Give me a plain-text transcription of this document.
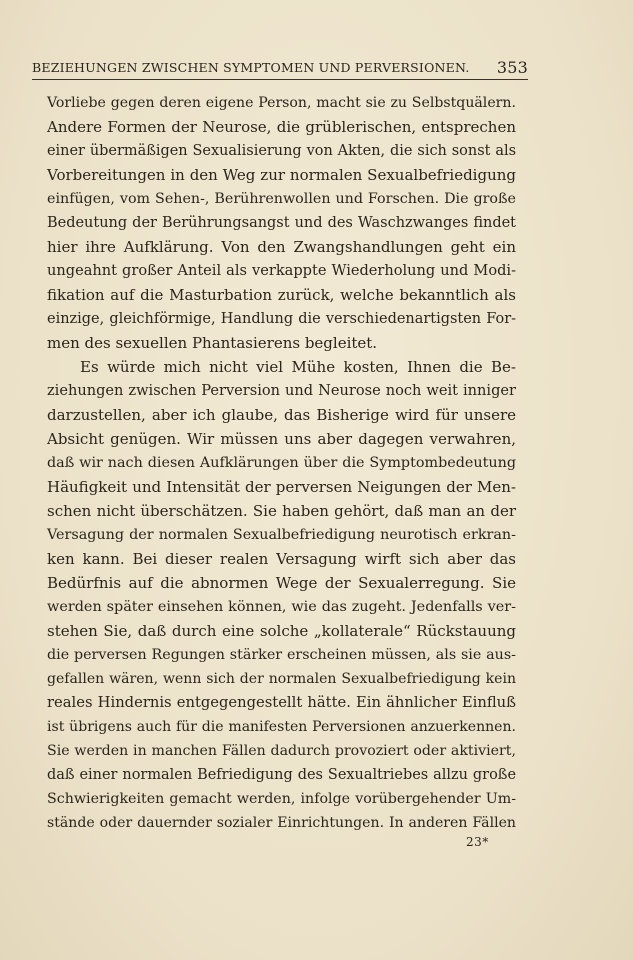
BEZIEHUNGEN ZWISCHEN SYMPTOMEN UND PERVERSIONEN. 353
Vorliebe gegen deren eigene Person, macht sie zu Selbstquälern.
Andere Formen der Neurose, die grüblerischen, entsprechen
einer übermäßigen Sexualisierung von Akten, die sich sonst als
Vorbereitungen in den Weg zur normalen Sexualbefriedigung
einfügen, vom Sehen-, Berührenwollen und Forschen. Die große
Bedeutung der Berührungsangst und des Waschzwanges findet
hier ihre Aufklärung. Von den Zwangshandlungen geht ein
ungeahnt großer Anteil als verkappte Wiederholung und Modi-
fikation auf die Masturbation zurück, welche bekanntlich als
einzige, gleichförmige, Handlung die verschiedenartigsten For-
men des sexuellen Phantasierens begleitet.
Es würde mich nicht viel Mühe kosten, Ihnen die Be-
ziehungen zwischen Perversion und Neurose noch weit inniger
darzustellen, aber ich glaube, das Bisherige wird für unsere
Absicht genügen. Wir müssen uns aber dagegen verwahren,
daß wir nach diesen Aufklärungen über die Symptombedeutung
Häufigkeit und Intensität der perversen Neigungen der Men-
schen nicht überschätzen. Sie haben gehört, daß man an der
Versagung der normalen Sexualbefriedigung neurotisch erkran-
ken kann. Bei dieser realen Versagung wirft sich aber das
Bedürfnis auf die abnormen Wege der Sexualerregung. Sie
werden später einsehen können, wie das zugeht. Jedenfalls ver-
stehen Sie, daß durch eine solche „kollaterale“ Rückstauung
die perversen Regungen stärker erscheinen müssen, als sie aus-
gefallen wären, wenn sich der normalen Sexualbefriedigung kein
reales Hindernis entgegengestellt hätte. Ein ähnlicher Einfluß
ist übrigens auch für die manifesten Perversionen anzuerkennen.
Sie werden in manchen Fällen dadurch provoziert oder aktiviert,
daß einer normalen Befriedigung des Sexualtriebes allzu große
Schwierigkeiten gemacht werden, infolge vorübergehender Um-
stände oder dauernder sozialer Einrichtungen. In anderen Fällen
23*
